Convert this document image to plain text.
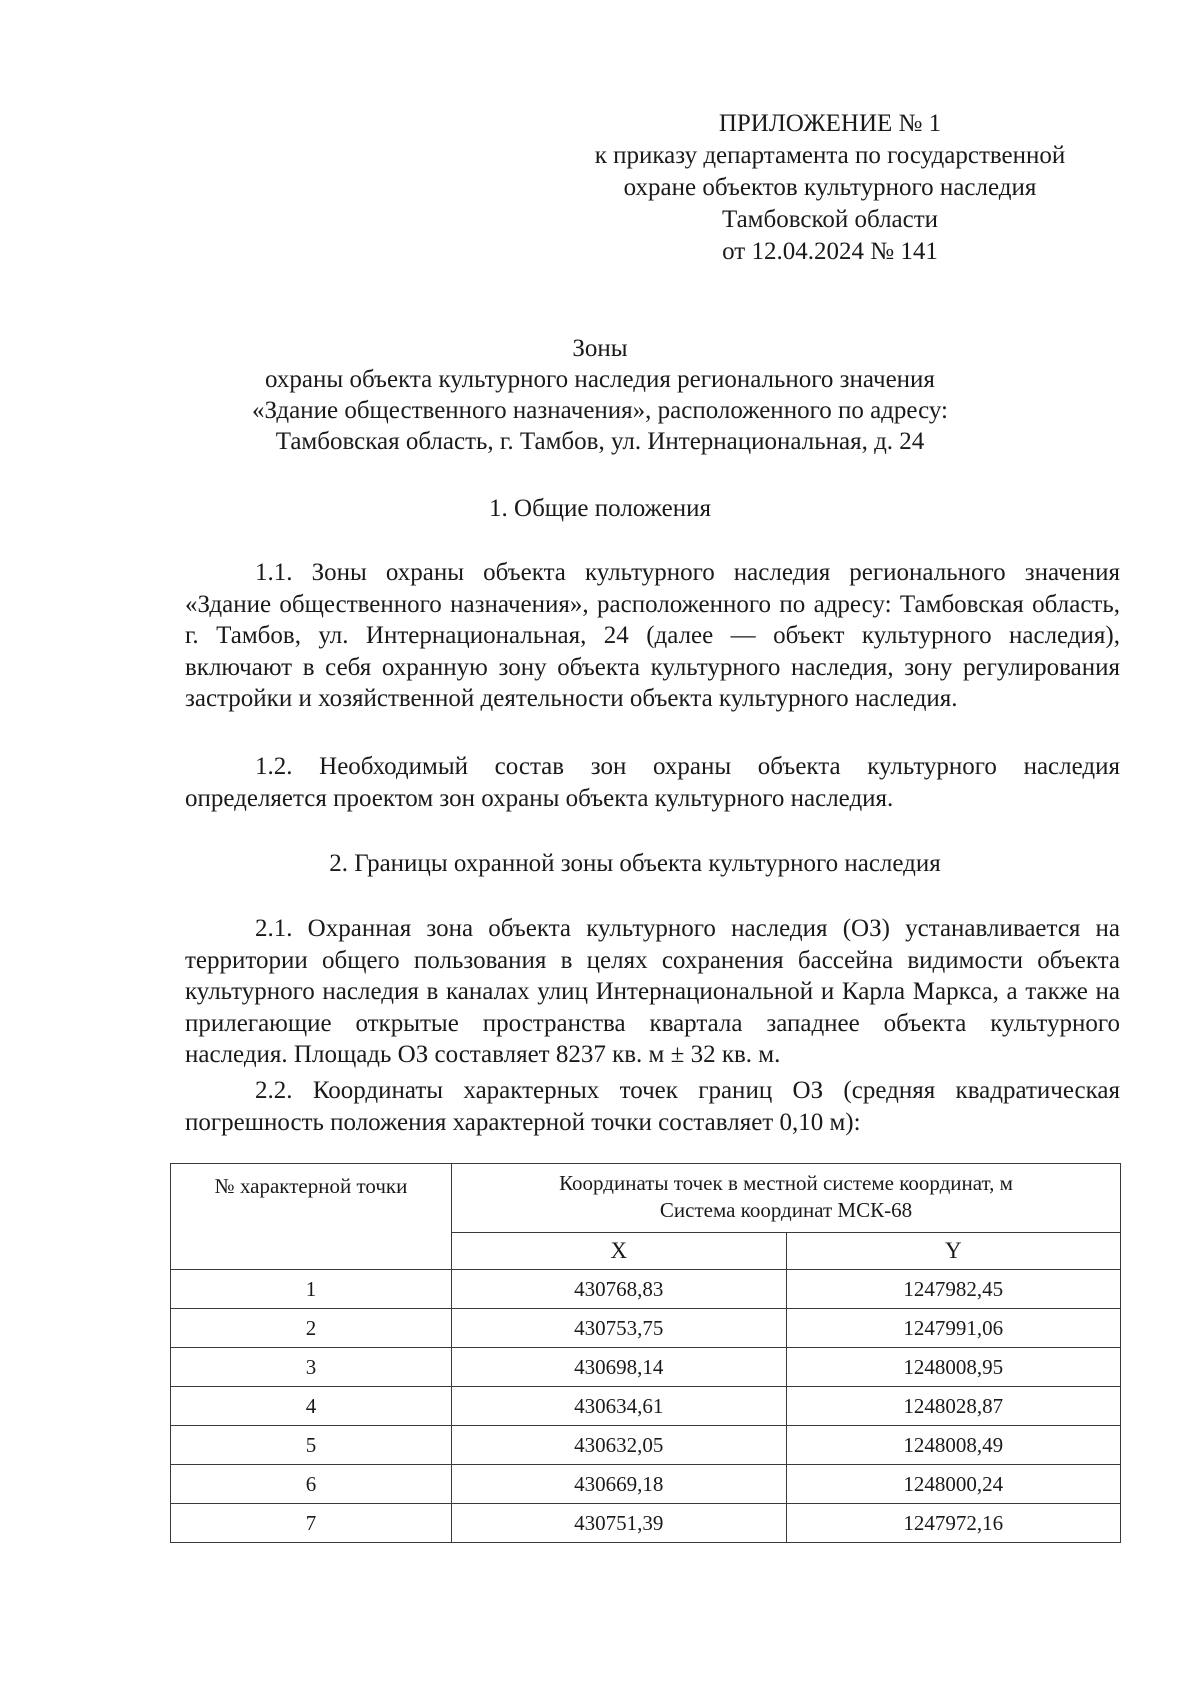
ПРИЛОЖЕНИЕ № 1
к приказу департамента по государственной
охране объектов культурного наследия
Тамбовской области
от 12.04.2024 № 141
Зоны
охраны объекта культурного наследия регионального значения
«Здание общественного назначения», расположенного по адресу:
Тамбовская область, г. Тамбов, ул. Интернациональная, д. 24
1. Общие положения

1.1. Зоны охраны объекта культурного наследия регионального значения «Здание общественного назначения», расположенного по адресу: Тамбовская область, г. Тамбов, ул. Интернациональная, 24 (далее — объект культурного наследия), включают в себя охранную зону объекта культурного наследия, зону регулирования застройки и хозяйственной деятельности объекта культурного наследия.

1.2. Необходимый состав зон охраны объекта культурного наследия определяется проектом зон охраны объекта культурного наследия.

2. Границы охранной зоны объекта культурного наследия

2.1. Охранная зона объекта культурного наследия (ОЗ) устанавливается на территории общего пользования в целях сохранения бассейна видимости объекта культурного наследия в каналах улиц Интернациональной и Карла Маркса, а также на прилегающие открытые пространства квартала западнее объекта культурного наследия. Площадь ОЗ составляет 8237 кв. м ± 32 кв. м.

2.2. Координаты характерных точек границ ОЗ (средняя квадратическая погрешность положения характерной точки составляет 0,10 м):

№ характерной точки	Координаты точек в местной системе координат, м
Система координат МСК-68	

	X	Y
1	430768,83	1247982,45
2	430753,75	1247991,06
3	430698,14	1248008,95
4	430634,61	1248028,87
5	430632,05	1248008,49
6	430669,18	1248000,24
7	430751,39	1247972,16
